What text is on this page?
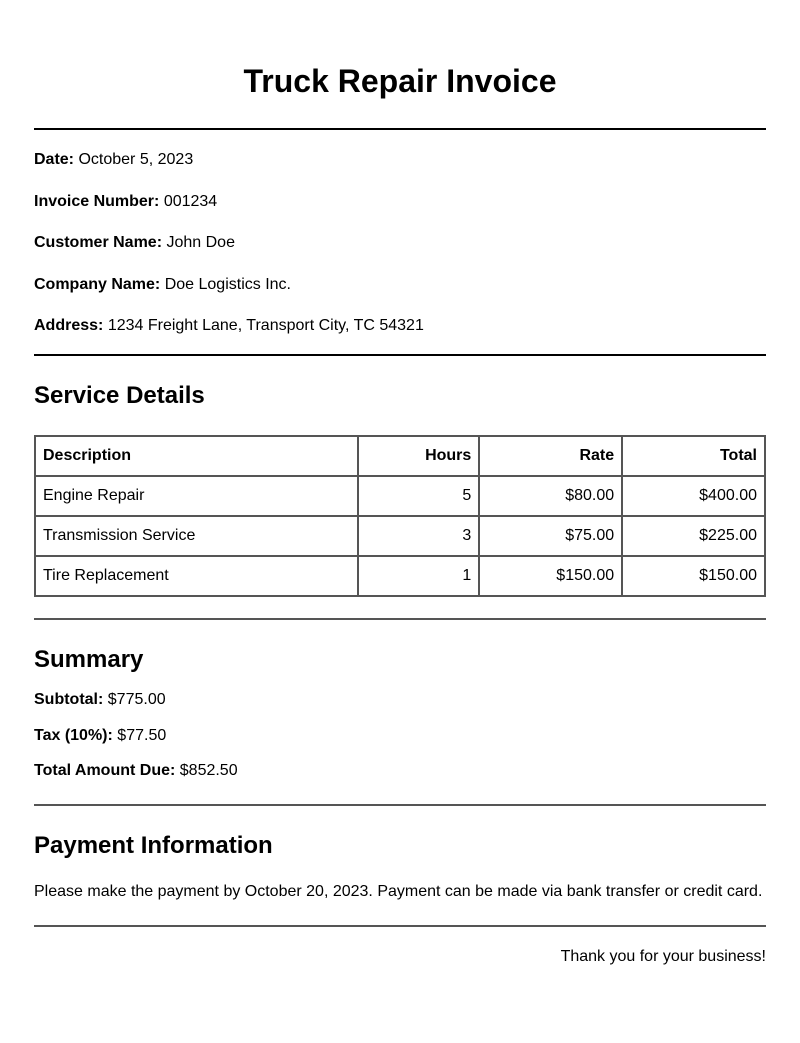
Truck Repair Invoice
Date: October 5, 2023
Invoice Number: 001234
Customer Name: John Doe
Company Name: Doe Logistics Inc.
Address: 1234 Freight Lane, Transport City, TC 54321
Service Details
Description	Hours	Rate	Total
Engine Repair	5	$80.00	$400.00
Transmission Service	3	$75.00	$225.00
Tire Replacement	1	$150.00	$150.00
Summary
Subtotal: $775.00
Tax (10%): $77.50
Total Amount Due: $852.50
Payment Information
Please make the payment by October 20, 2023. Payment can be made via bank transfer or credit card.
Thank you for your business!
